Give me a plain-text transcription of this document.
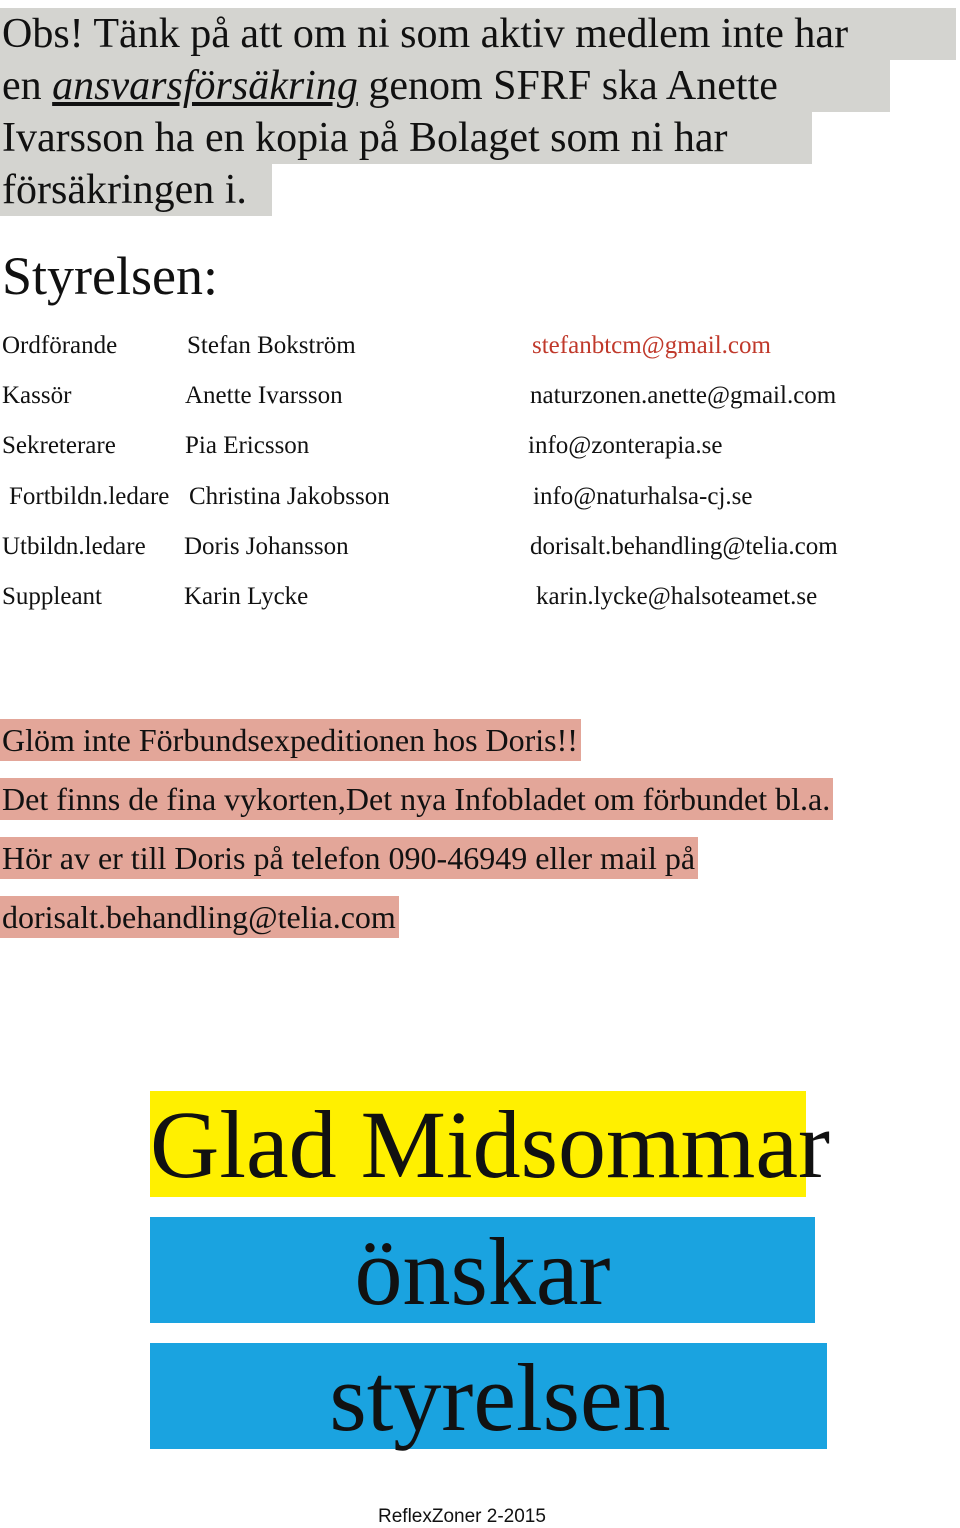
Obs! Tänk på att om ni som aktiv medlem inte har
en ansvarsförsäkring genom SFRF ska Anette
Ivarsson ha en kopia på Bolaget som ni har
försäkringen i.
Styrelsen:
Ordförande	Stefan Bokström	stefanbtcm@gmail.com
Kassör	Anette Ivarsson	naturzonen.anette@gmail.com
Sekreterare	Pia Ericsson	info@zonterapia.se
Fortbildn.ledare Christina Jakobsson	info@naturhalsa-cj.se
Utbildn.ledare Doris Johansson	dorisalt.behandling@telia.com
Suppleant	Karin Lycke	karin.lycke@halsoteamet.se
Glöm inte Förbundsexpeditionen hos Doris!!
Det finns de fina vykorten,Det nya Infobladet om förbundet bl.a.
Hör av er till Doris på telefon 090-46949 eller mail på
dorisalt.behandling@telia.com
Glad Midsommar
önskar
styrelsen
ReflexZoner 2-2015
